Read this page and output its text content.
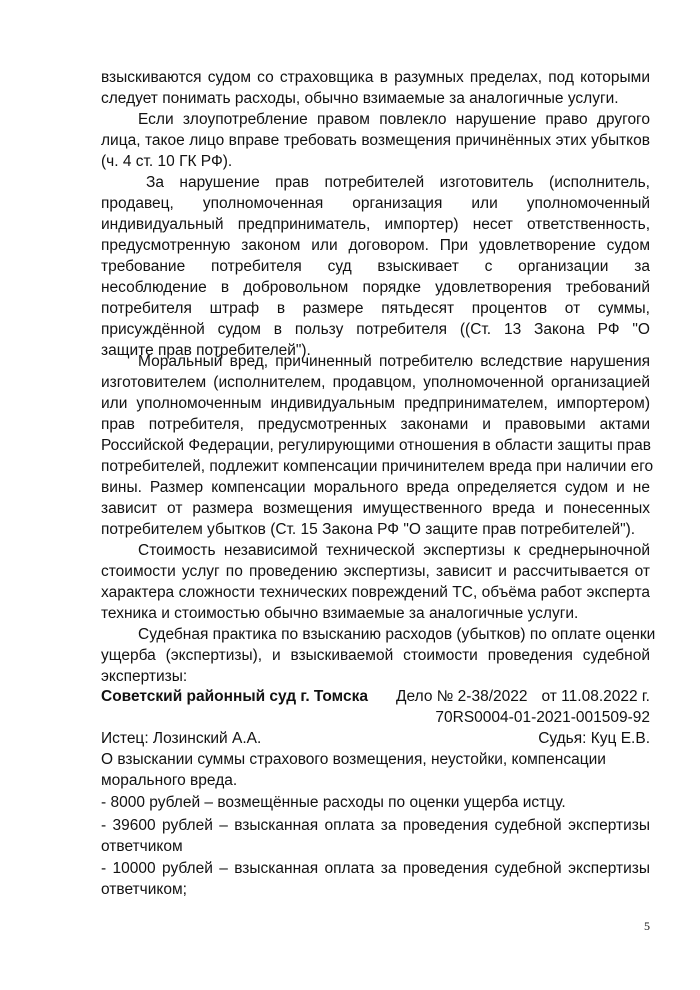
взыскиваются судом со страховщика в разумных пределах, под которыми

следует понимать расходы, обычно взимаемые за аналогичные услуги.

Если злоупотребление правом повлекло нарушение право другого

лица, такое лицо вправе требовать возмещения причинённых этих убытков

(ч. 4 ст. 10 ГК РФ).

За нарушение прав потребителей изготовитель (исполнитель,

продавец, уполномоченная организация или уполномоченный

индивидуальный предприниматель, импортер) несет ответственность,

предусмотренную законом или договором. При удовлетворение судом

требование потребителя суд взыскивает с организации за

несоблюдение в добровольном порядке удовлетворения требований

потребителя штраф в размере пятьдесят процентов от суммы,

присуждённой судом в пользу потребителя ((Ст. 13 Закона РФ "О

защите прав потребителей").

Моральный вред, причиненный потребителю вследствие нарушения

изготовителем (исполнителем, продавцом, уполномоченной организацией

или уполномоченным индивидуальным предпринимателем, импортером)

прав потребителя, предусмотренных законами и правовыми актами

Российской Федерации, регулирующими отношения в области защиты прав

потребителей, подлежит компенсации причинителем вреда при наличии его

вины. Размер компенсации морального вреда определяется судом и не

зависит от размера возмещения имущественного вреда и понесенных

потребителем убытков (Ст. 15 Закона РФ "О защите прав потребителей").

Стоимость независимой технической экспертизы к среднерыночной

стоимости услуг по проведению экспертизы, зависит и рассчитывается от

характера сложности технических повреждений ТС, объёма работ эксперта

техника и стоимостью обычно взимаемые за аналогичные услуги.

Судебная практика по взысканию расходов (убытков) по оплате оценки

ущерба (экспертизы), и взыскиваемой стоимости проведения судебной

экспертизы:

Советский районный суд г. Томска Дело № 2-38/2022 от 11.08.2022 г.

70RS0004-01-2021-001509-92

Истец: Лозинский А.А.	Судья: Куц Е.В.

О взыскании суммы страхового возмещения, неустойки, компенсации

морального вреда.

- 8000 рублей – возмещённые расходы по оценки ущерба истцу.

- 39600 рублей – взысканная оплата за проведения судебной экспертизы

ответчиком

- 10000 рублей – взысканная оплата за проведения судебной экспертизы

ответчиком;

5
